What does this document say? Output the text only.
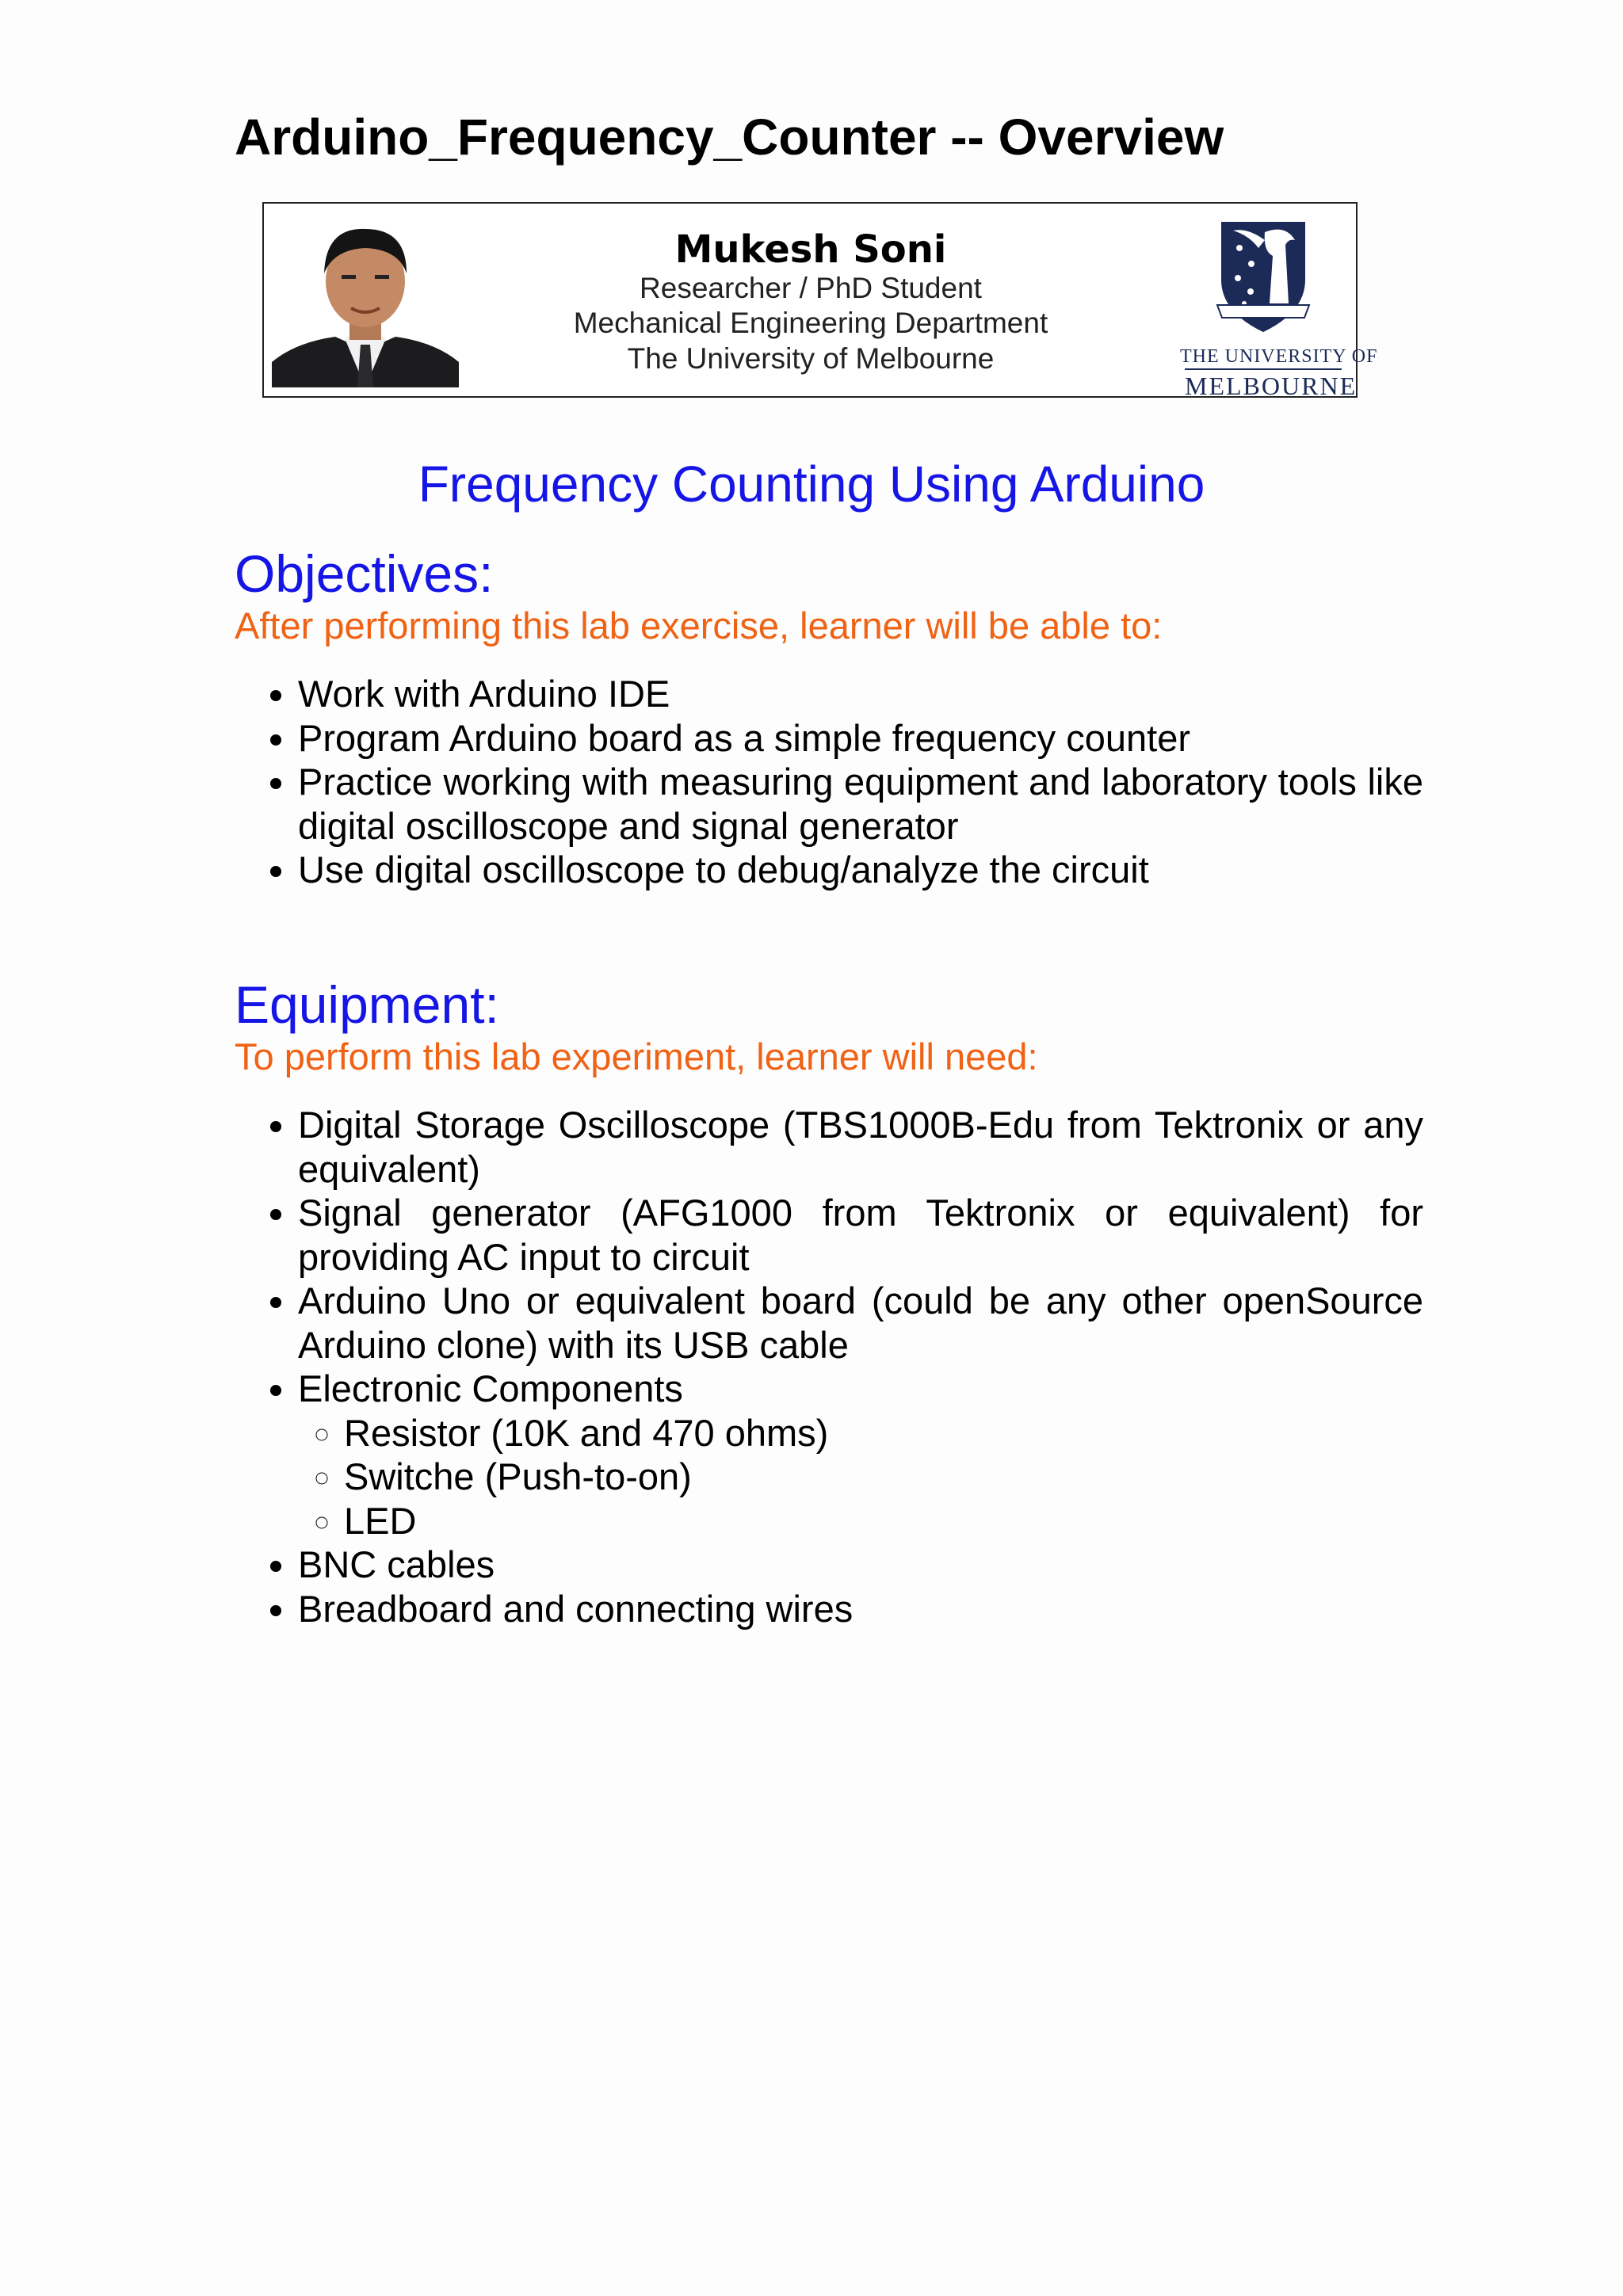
Arduino_Frequency_Counter -- Overview
Mukesh Soni
Researcher / PhD Student
Mechanical Engineering Department
The University of Melbourne	THE UNIVERSITY OF
MELBOURNE
Frequency Counting Using Arduino
Objectives:

After performing this lab exercise, learner will be able to:

• Work with Arduino IDE
• Program Arduino board as a simple frequency counter
• Practice working with measuring equipment and laboratory tools like digital oscilloscope and signal generator
• Use digital oscilloscope to debug/analyze the circuit
Equipment:

To perform this lab experiment, learner will need:

• Digital Storage Oscilloscope (TBS1000B-Edu from Tektronix or any equivalent)
• Signal generator (AFG1000 from Tektronix or equivalent) for providing AC input to circuit
• Arduino Uno or equivalent board (could be any other openSource Arduino clone) with its USB cable
• Electronic Components
◦ Resistor (10K and 470 ohms)
◦ Switche (Push-to-on)
◦ LED
• BNC cables
• Breadboard and connecting wires
